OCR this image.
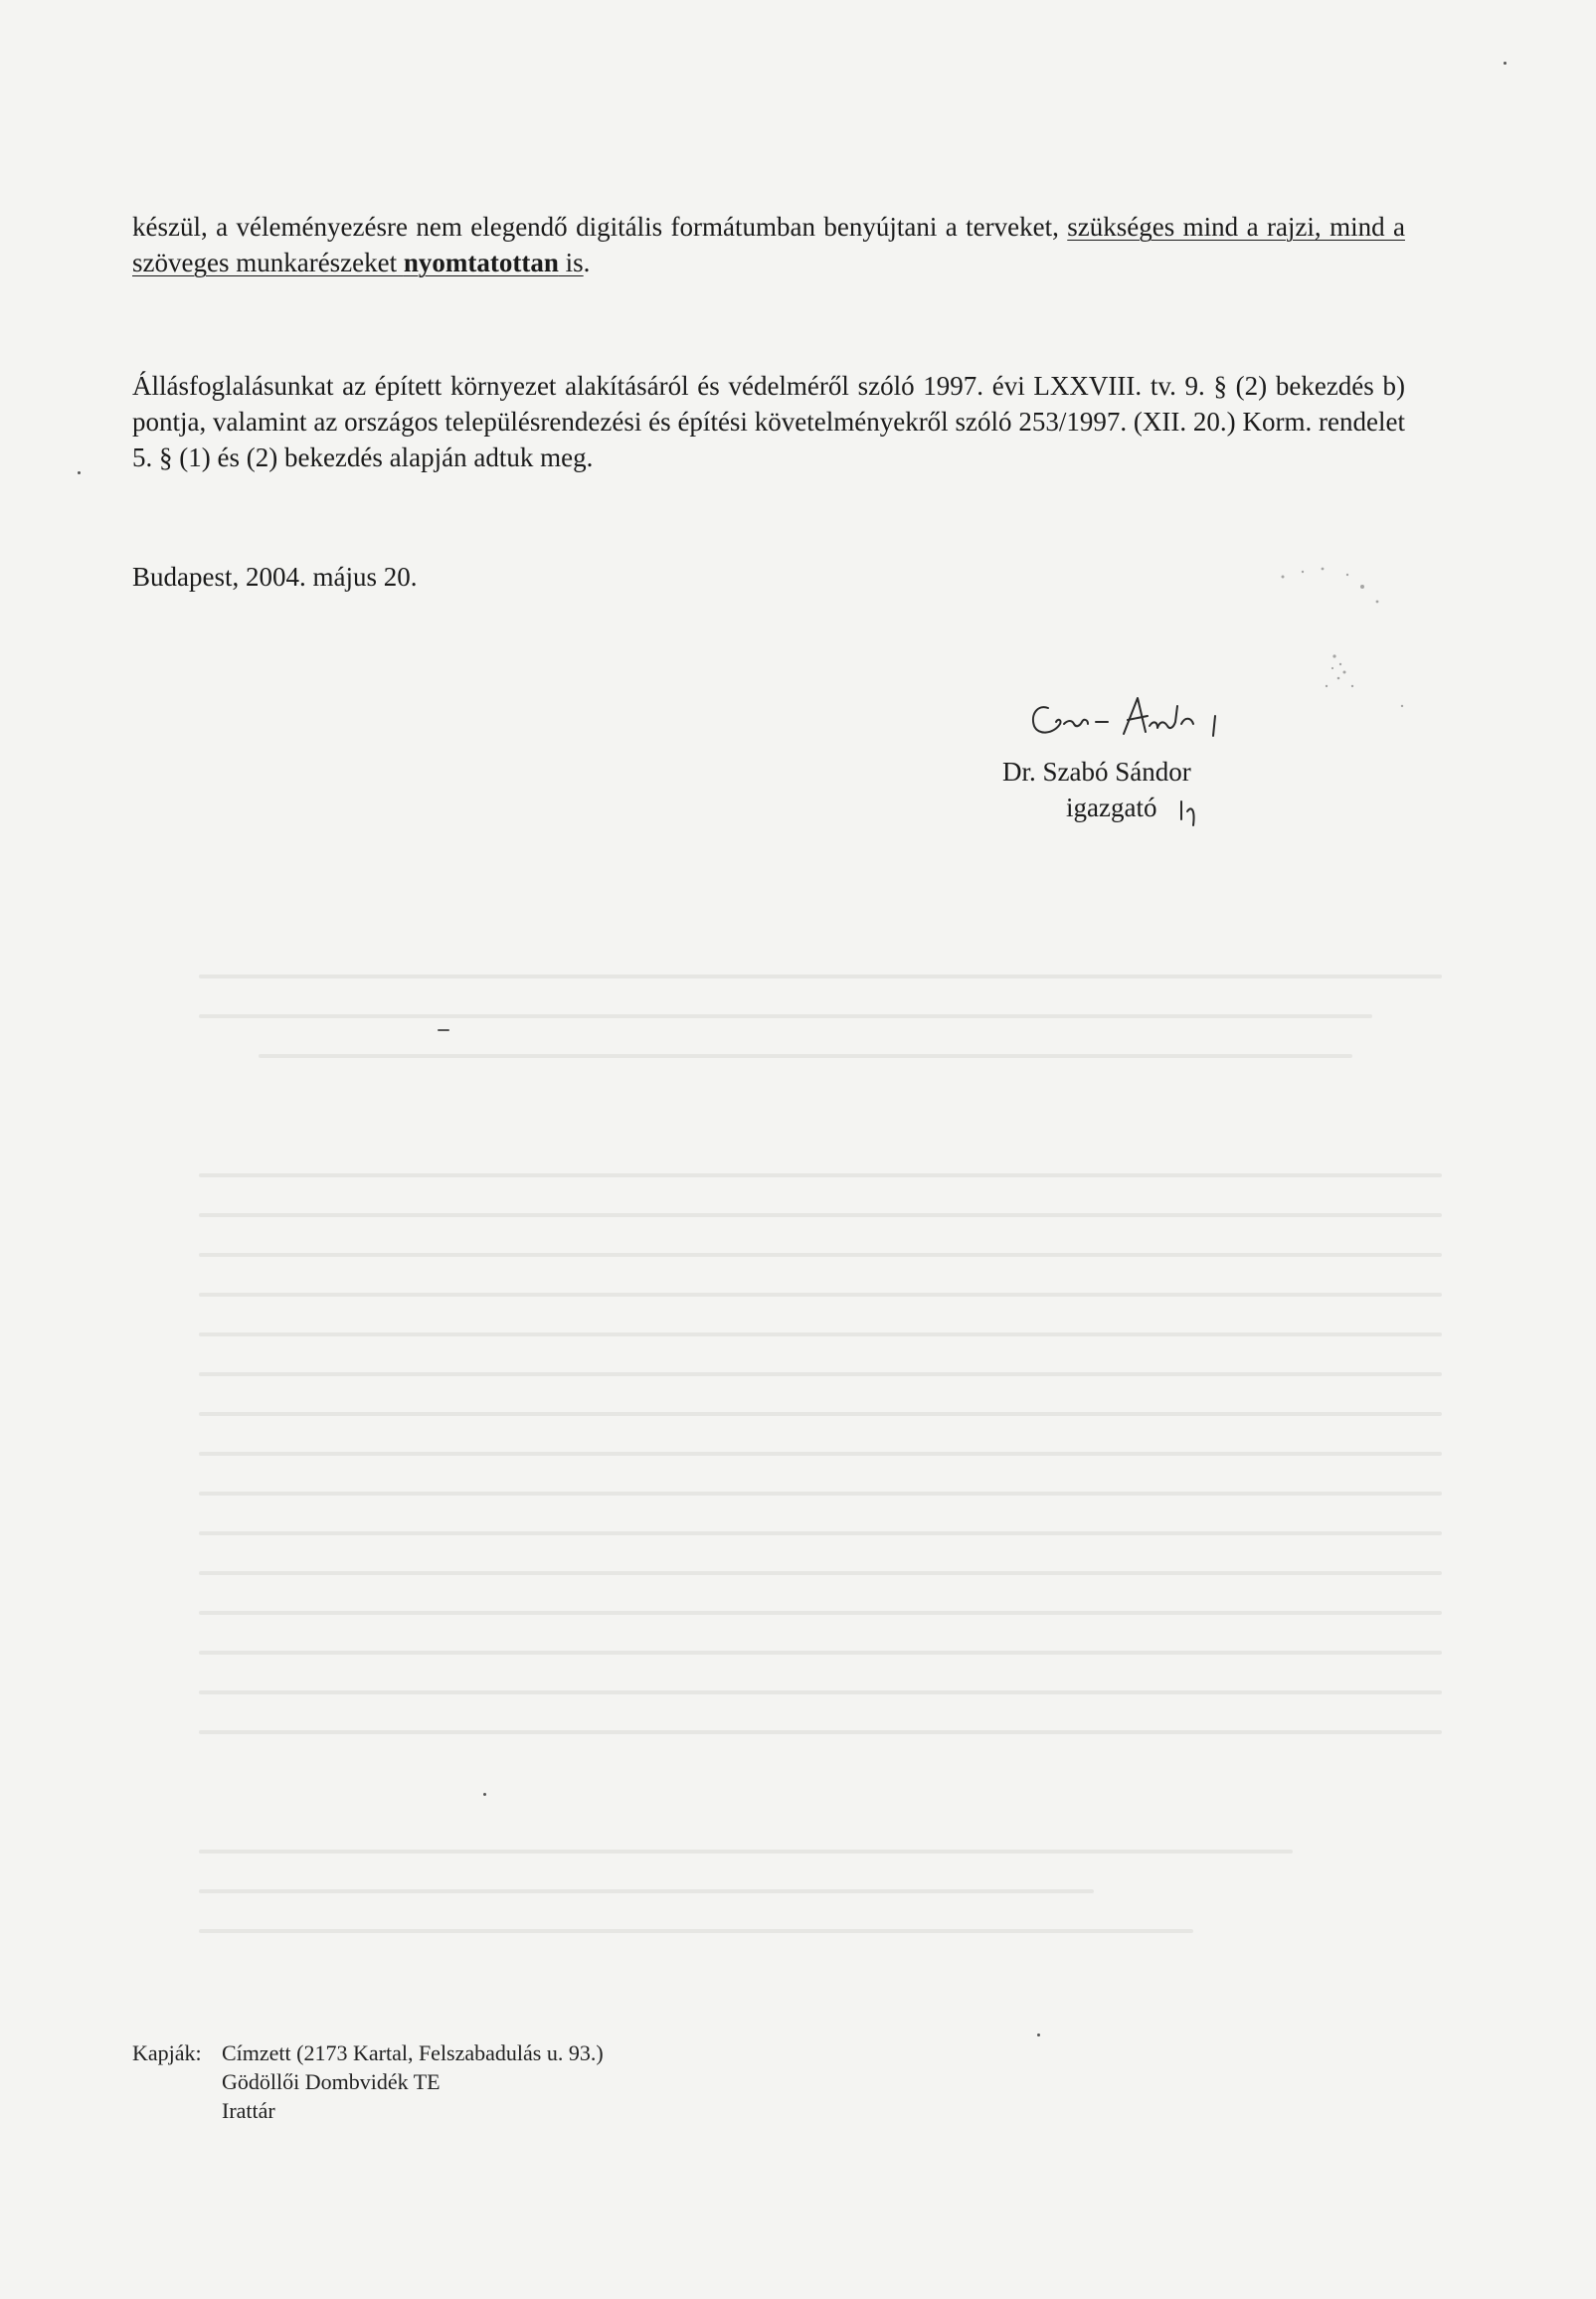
készül, a véleményezésre nem elegendő digitális formátumban benyújtani a terveket, szükséges mind a rajzi, mind a szöveges munkarészeket nyomtatottan is.
Állásfoglalásunkat az épített környezet alakításáról és védelméről szóló 1997. évi LXXVIII. tv. 9. § (2) bekezdés b) pontja, valamint az országos településrendezési és építési követelményekről szóló 253/1997. (XII. 20.) Korm. rendelet 5. § (1) és (2) bekezdés alapján adtuk meg.
Budapest, 2004. május 20.
Dr. Szabó Sándor
igazgató
Kapják: Címzett (2173 Kartal, Felszabadulás u. 93.)
Gödöllői Dombvidék TE
Irattár
